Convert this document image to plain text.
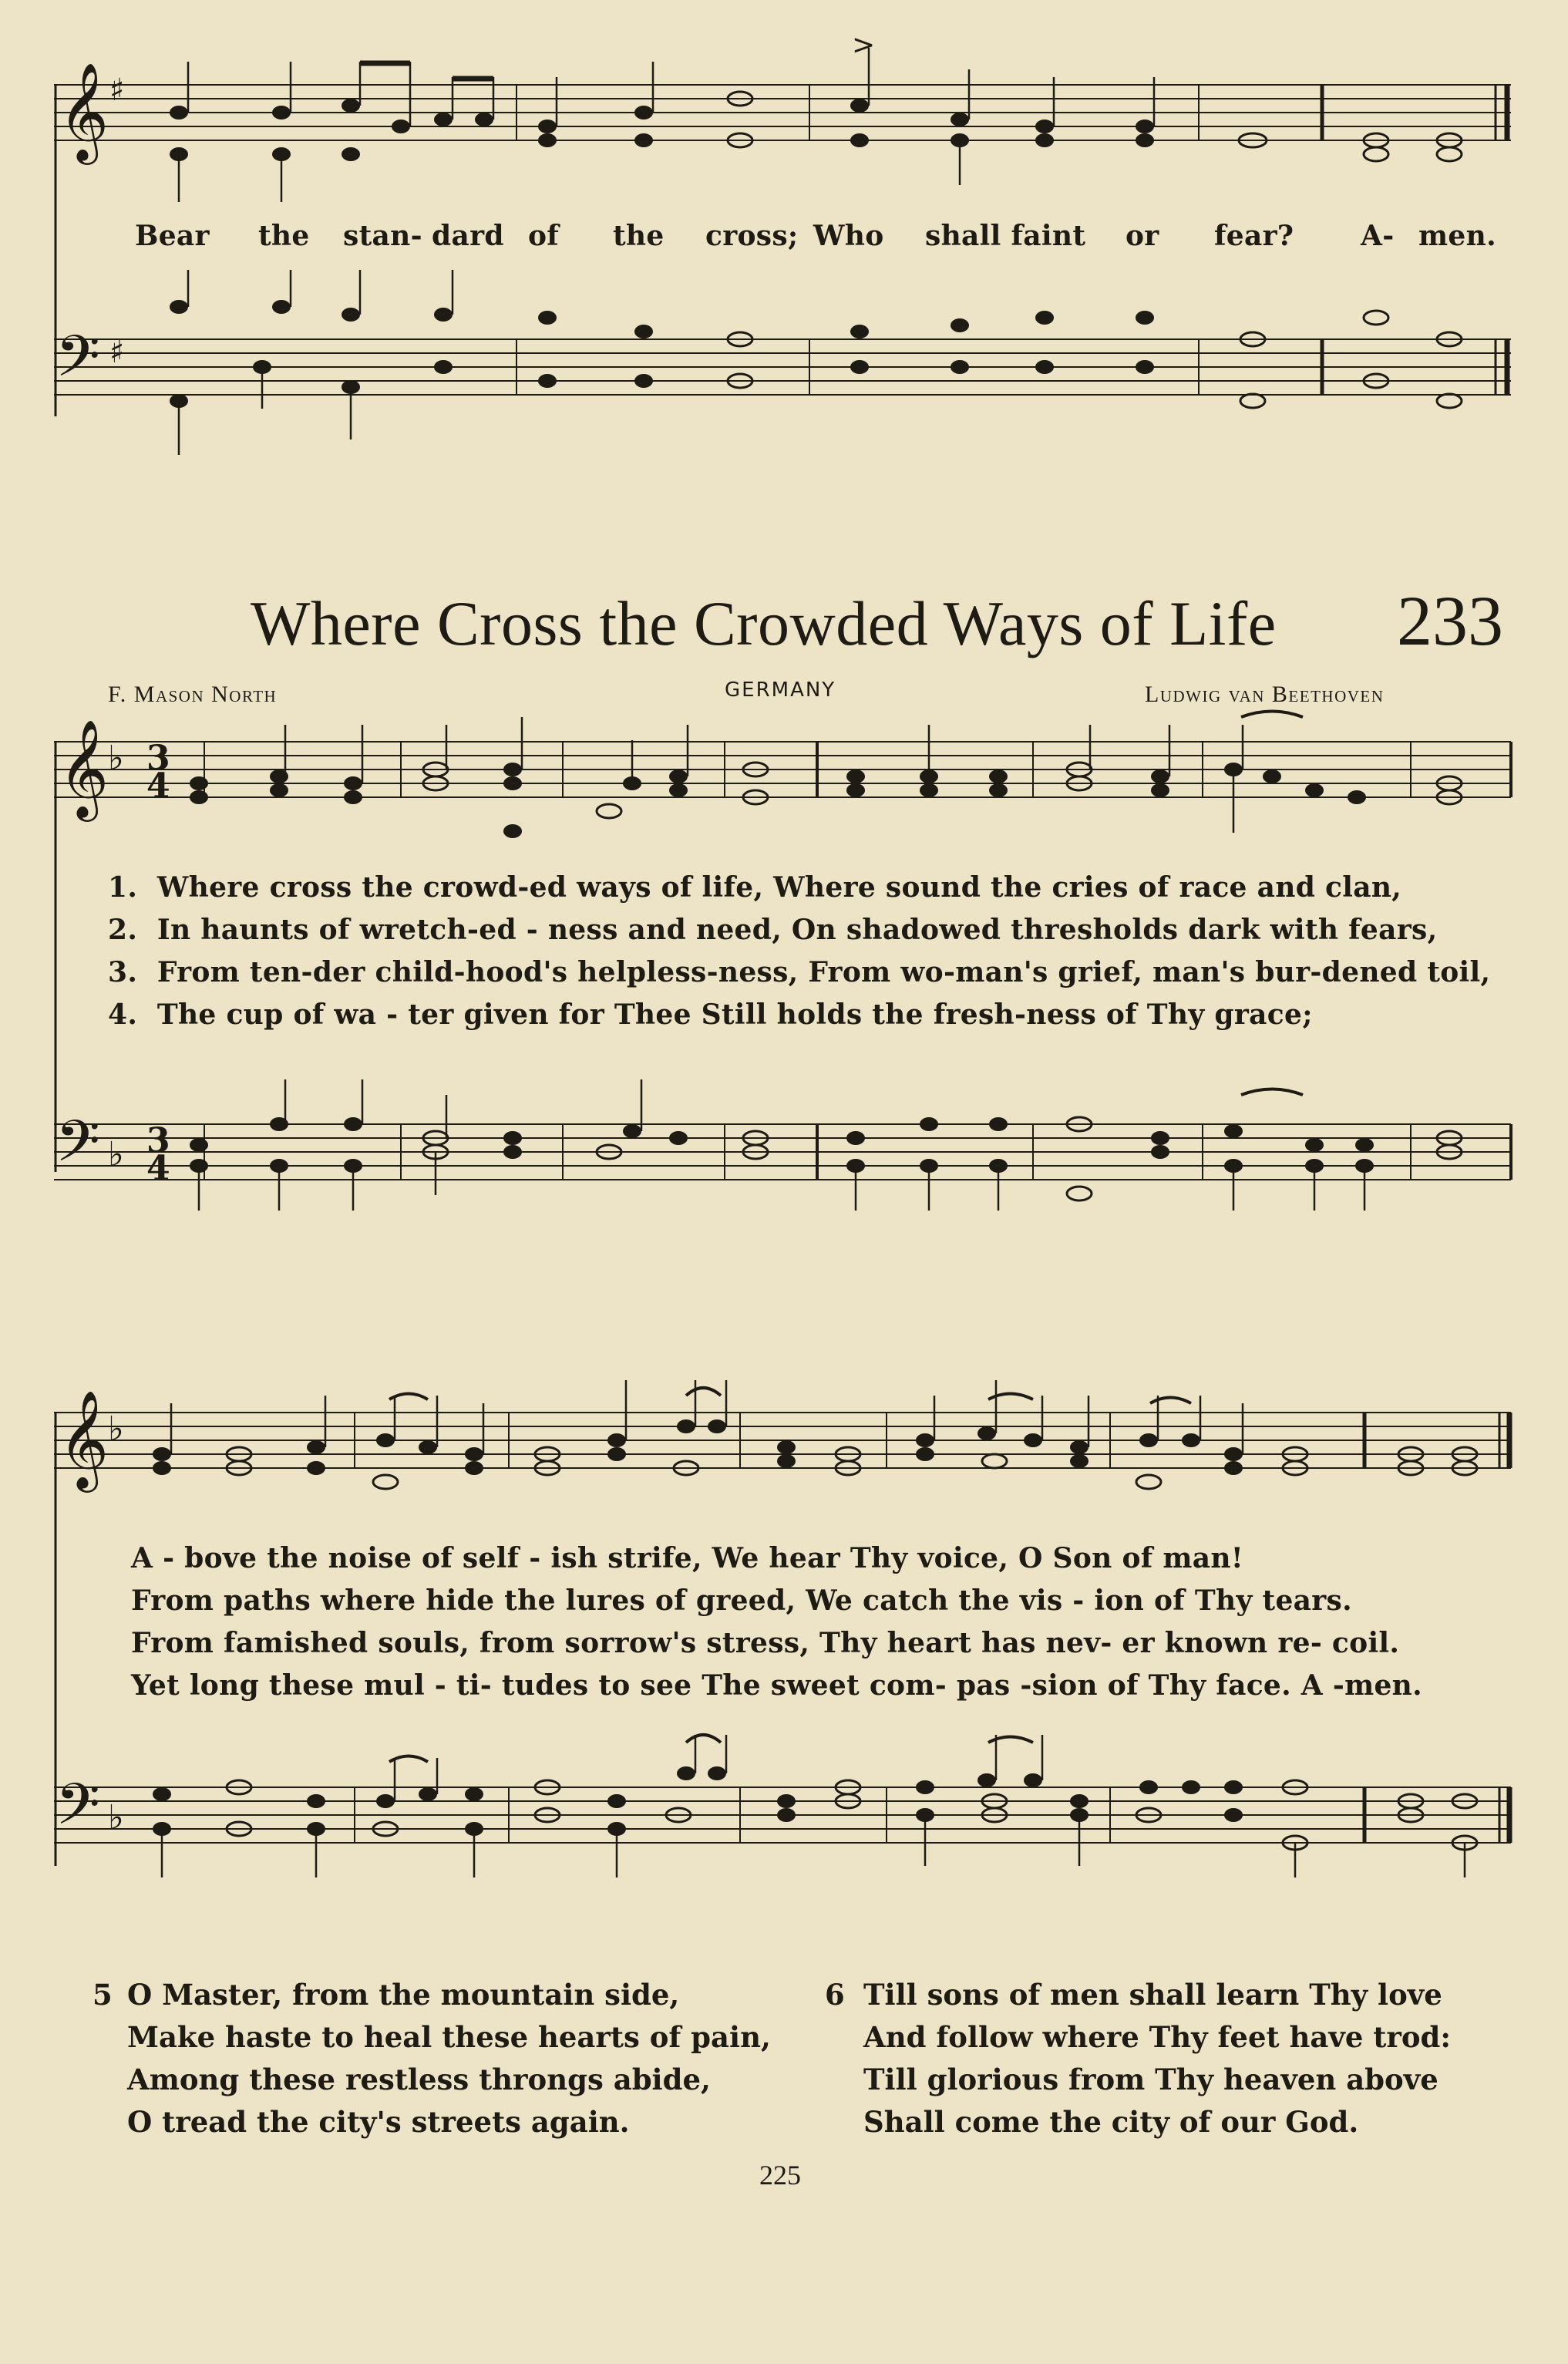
𝄞 ♯
>
Bear the stan- dard of the cross; Who shall faint or fear? A- men.
𝄢 ♯
Where Cross the Crowded Ways of Life 233
F. Mason North	GERMANY	Ludwig van Beethoven
𝄞
♭ 3
4
1. Where cross the crowd-ed ways of life, Where sound the cries of race and clan,
2. In haunts of wretch-ed - ness and need, On shadowed thresholds dark with fears,
3. From ten-der child-hood's helpless-ness, From wo-man's grief, man's bur-dened toil,
4. The cup of wa - ter given for Thee Still holds the fresh-ness of Thy grace;
𝄢 ♭ 3
4
𝄞
♭
A - bove the noise of self - ish strife, We hear Thy voice, O Son of man!
From paths where hide the lures of greed, We catch the vis - ion of Thy tears.
From famished souls, from sorrow's stress, Thy heart has nev- er known re- coil.
Yet long these mul - ti- tudes to see The sweet com- pas -sion of Thy face. A -men.
𝄢 ♭
5 O Master, from the mountain side,
Make haste to heal these hearts of pain,
Among these restless throngs abide,
O tread the city's streets again.
6 Till sons of men shall learn Thy love
And follow where Thy feet have trod:
Till glorious from Thy heaven above
Shall come the city of our God.
225
